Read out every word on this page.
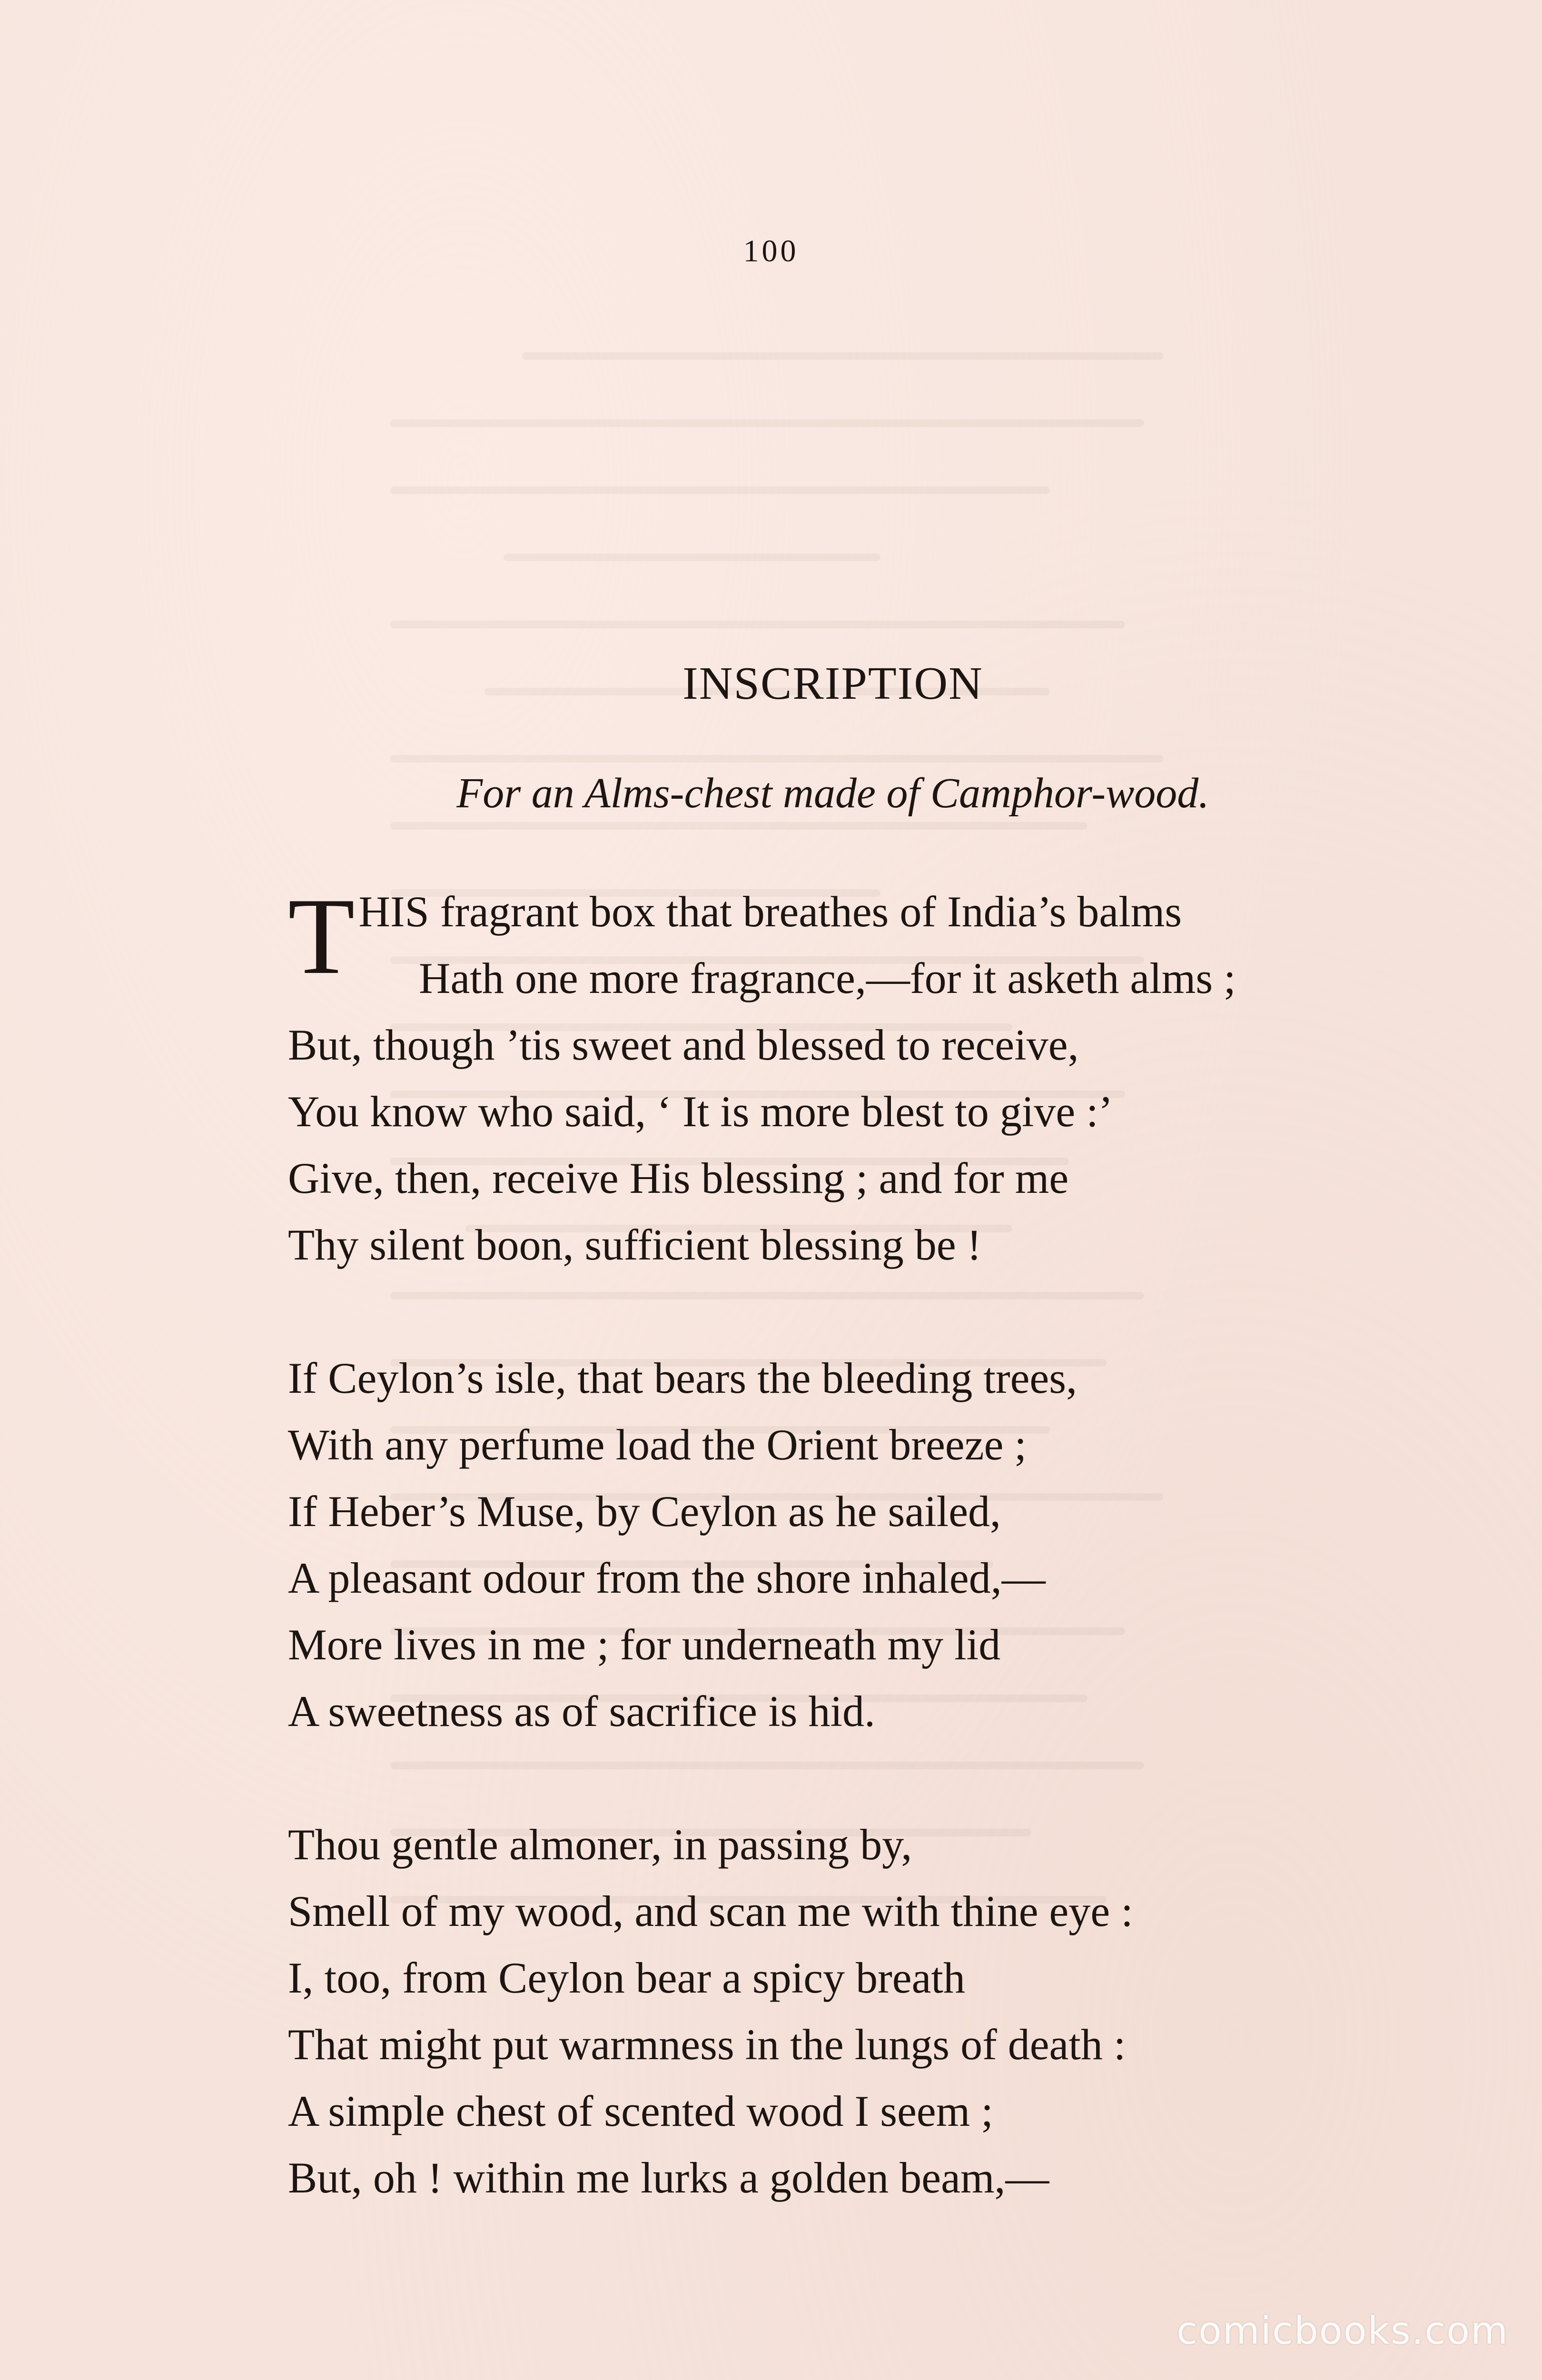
100
INSCRIPTION
For an Alms-chest made of Camphor-wood.
T HIS fragrant box that breathes of India’s balms
Hath one more fragrance,—for it asketh alms ;
But, though ’tis sweet and blessed to receive,
You know who said, ‘ It is more blest to give :’
Give, then, receive His blessing ; and for me
Thy silent boon, sufficient blessing be !
If Ceylon’s isle, that bears the bleeding trees,
With any perfume load the Orient breeze ;
If Heber’s Muse, by Ceylon as he sailed,
A pleasant odour from the shore inhaled,—
More lives in me ; for underneath my lid
A sweetness as of sacrifice is hid.
Thou gentle almoner, in passing by,
Smell of my wood, and scan me with thine eye :
I, too, from Ceylon bear a spicy breath
That might put warmness in the lungs of death :
A simple chest of scented wood I seem ;
But, oh ! within me lurks a golden beam,—
comicbooks.com
